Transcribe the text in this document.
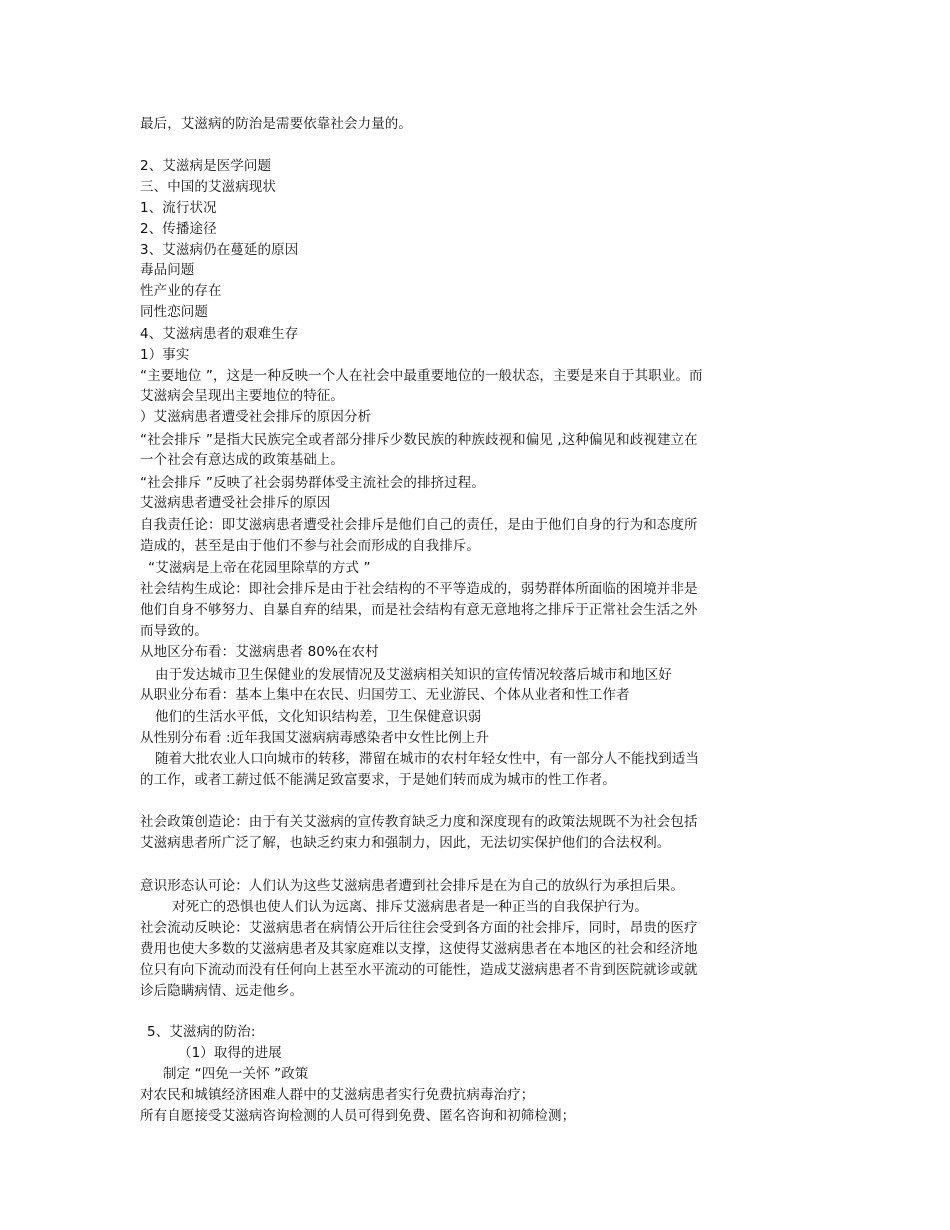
最后，艾滋病的防治是需要依靠社会力量的。
2、艾滋病是医学问题
三、中国的艾滋病现状
1、流行状况
2、传播途径
3、艾滋病仍在蔓延的原因
毒品问题
性产业的存在
同性恋问题
4、艾滋病患者的艰难生存
1）事实
“主要地位 ”，这是一种反映一个人在社会中最重要地位的一般状态，主要是来自于其职业。而
艾滋病会呈现出主要地位的特征。
）艾滋病患者遭受社会排斥的原因分析
“社会排斥 ”是指大民族完全或者部分排斥少数民族的种族歧视和偏见 ,这种偏见和歧视建立在
一个社会有意达成的政策基础上。
“社会排斥 ”反映了社会弱势群体受主流社会的排挤过程。
艾滋病患者遭受社会排斥的原因
自我责任论：即艾滋病患者遭受社会排斥是他们自己的责任，是由于他们自身的行为和态度所
造成的，甚至是由于他们不参与社会而形成的自我排斥。
“艾滋病是上帝在花园里除草的方式 ”
社会结构生成论：即社会排斥是由于社会结构的不平等造成的，弱势群体所面临的困境并非是
他们自身不够努力、自暴自弃的结果，而是社会结构有意无意地将之排斥于正常社会生活之外
而导致的。
从地区分布看：艾滋病患者 80%在农村
由于发达城市卫生保健业的发展情况及艾滋病相关知识的宣传情况较落后城市和地区好
从职业分布看：基本上集中在农民、归国劳工、无业游民、个体从业者和性工作者
他们的生活水平低，文化知识结构差，卫生保健意识弱
从性别分布看 :近年我国艾滋病病毒感染者中女性比例上升
随着大批农业人口向城市的转移，滞留在城市的农村年轻女性中，有一部分人不能找到适当
的工作，或者工薪过低不能满足致富要求，于是她们转而成为城市的性工作者。
社会政策创造论：由于有关艾滋病的宣传教育缺乏力度和深度现有的政策法规既不为社会包括
艾滋病患者所广泛了解，也缺乏约束力和强制力，因此，无法切实保护他们的合法权利。
意识形态认可论：人们认为这些艾滋病患者遭到社会排斥是在为自己的放纵行为承担后果。
对死亡的恐惧也使人们认为远离、排斥艾滋病患者是一种正当的自我保护行为。
社会流动反映论：艾滋病患者在病情公开后往往会受到各方面的社会排斥，同时，昂贵的医疗
费用也使大多数的艾滋病患者及其家庭难以支撑，这使得艾滋病患者在本地区的社会和经济地
位只有向下流动而没有任何向上甚至水平流动的可能性，造成艾滋病患者不肯到医院就诊或就
诊后隐瞒病情、远走他乡。
5、艾滋病的防治:
（1）取得的进展
制定 “四免一关怀 ”政策
对农民和城镇经济困难人群中的艾滋病患者实行免费抗病毒治疗；
所有自愿接受艾滋病咨询检测的人员可得到免费、匿名咨询和初筛检测；
